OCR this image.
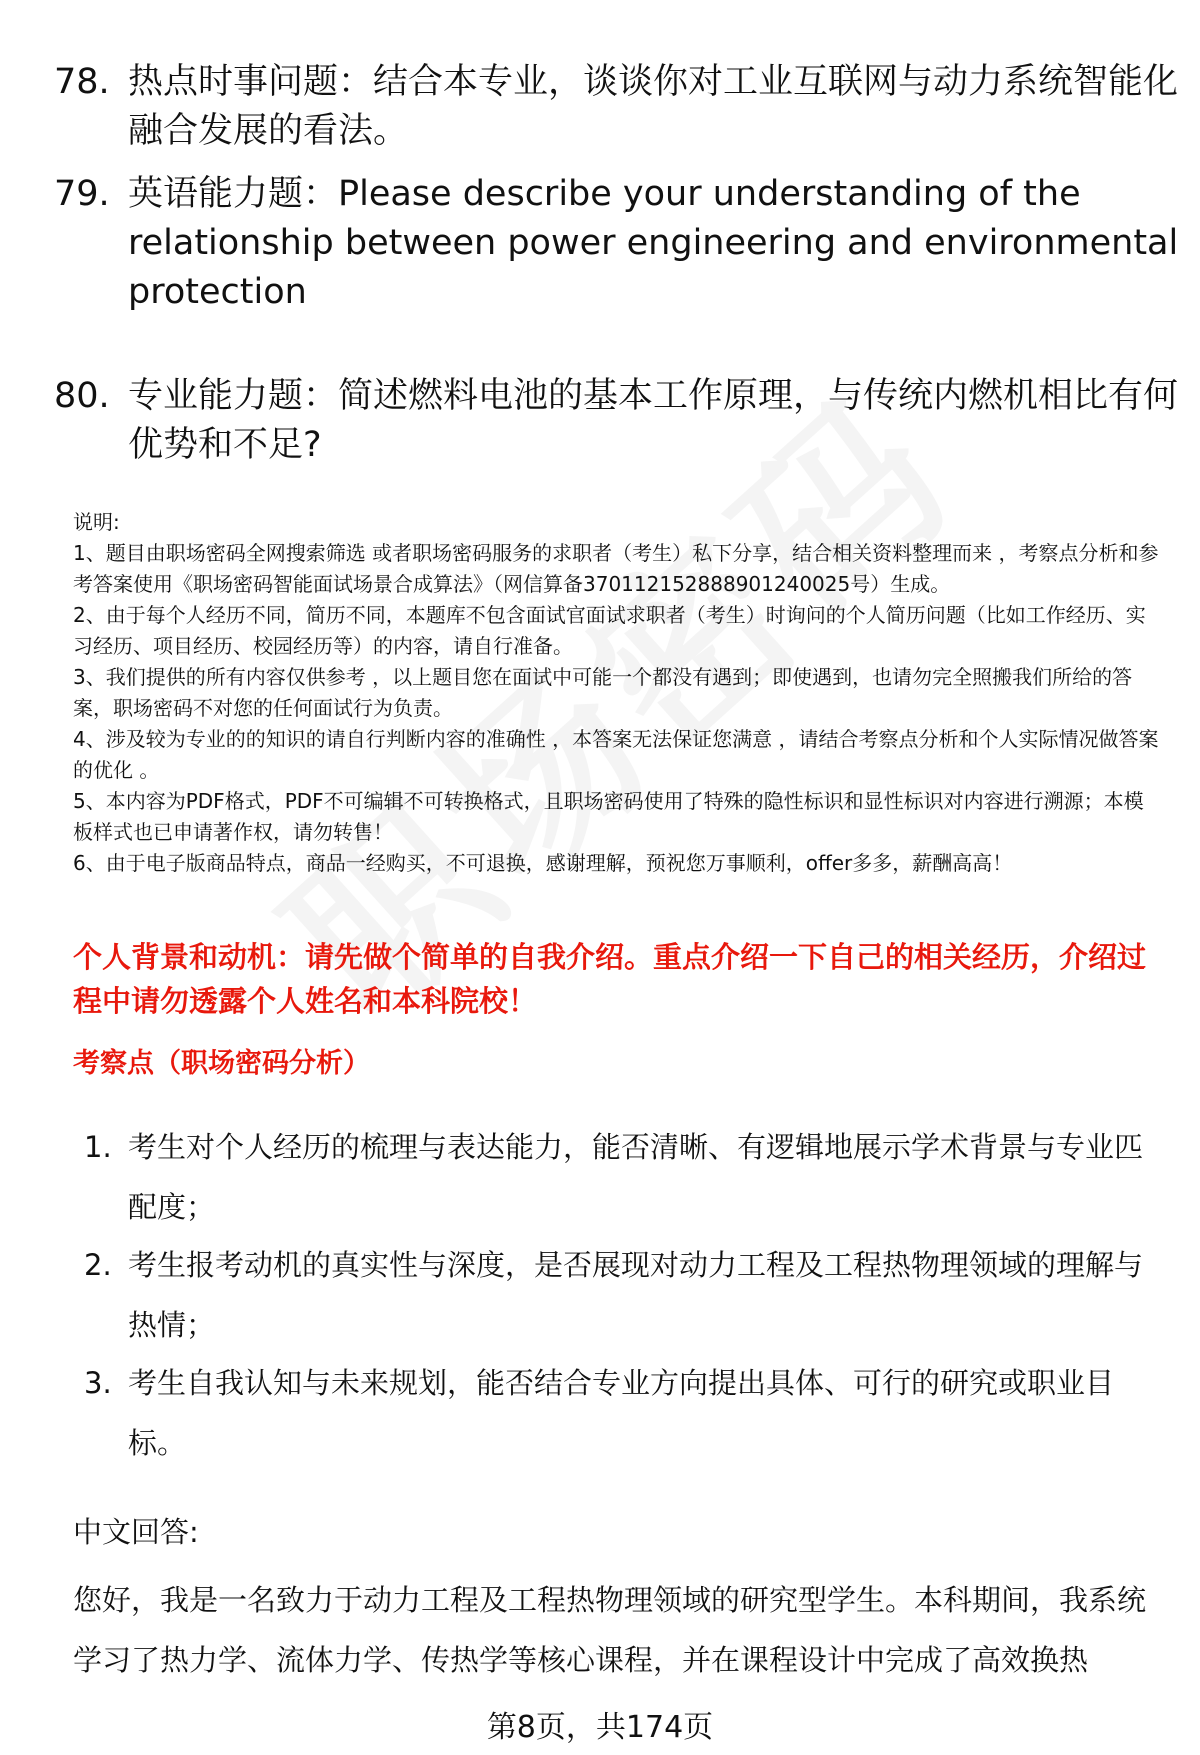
78. 热点时事问题：结合本专业，谈谈你对工业互联网与动力系统智能化融合发展的看法。
79. 英语能力题：Please describe your understanding of the relationship between power engineering and environmental protection
80. 专业能力题：简述燃料电池的基本工作原理，与传统内燃机相比有何优势和不足?

说明:

1、题目由职场密码全网搜索筛选 或者职场密码服务的求职者（考生）私下分享，结合相关资料整理而来 ，考察点分析和参考答案使用《职场密码智能面试场景合成算法》（网信算备370112152888901240025号）生成。

2、由于每个人经历不同，简历不同，本题库不包含面试官面试求职者（考生）时询问的个人简历问题（比如工作经历、实习经历、项目经历、校园经历等）的内容，请自行准备。

3、我们提供的所有内容仅供参考 ，以上题目您在面试中可能一个都没有遇到；即使遇到，也请勿完全照搬我们所给的答案，职场密码不对您的任何面试行为负责。

4、涉及较为专业的的知识的请自行判断内容的准确性 ，本答案无法保证您满意 ，请结合考察点分析和个人实际情况做答案的优化 。

5、本内容为PDF格式，PDF不可编辑不可转换格式，且职场密码使用了特殊的隐性标识和显性标识对内容进行溯源；本模板样式也已申请著作权，请勿转售！

6、由于电子版商品特点，商品一经购买，不可退换，感谢理解，预祝您万事顺利，offer多多，薪酬高高！

个人背景和动机：请先做个简单的自我介绍。重点介绍一下自己的相关经历，介绍过程中请勿透露个人姓名和本科院校！
考察点（职场密码分析）
1. 考生对个人经历的梳理与表达能力，能否清晰、有逻辑地展示学术背景与专业匹配度；
2. 考生报考动机的真实性与深度，是否展现对动力工程及工程热物理领域的理解与热情；
3. 考生自我认知与未来规划，能否结合专业方向提出具体、可行的研究或职业目标。
中文回答:
您好，我是一名致力于动力工程及工程热物理领域的研究型学生。本科期间，我系统学习了热力学、流体力学、传热学等核心课程，并在课程设计中完成了高效换热
第8页，共174页
